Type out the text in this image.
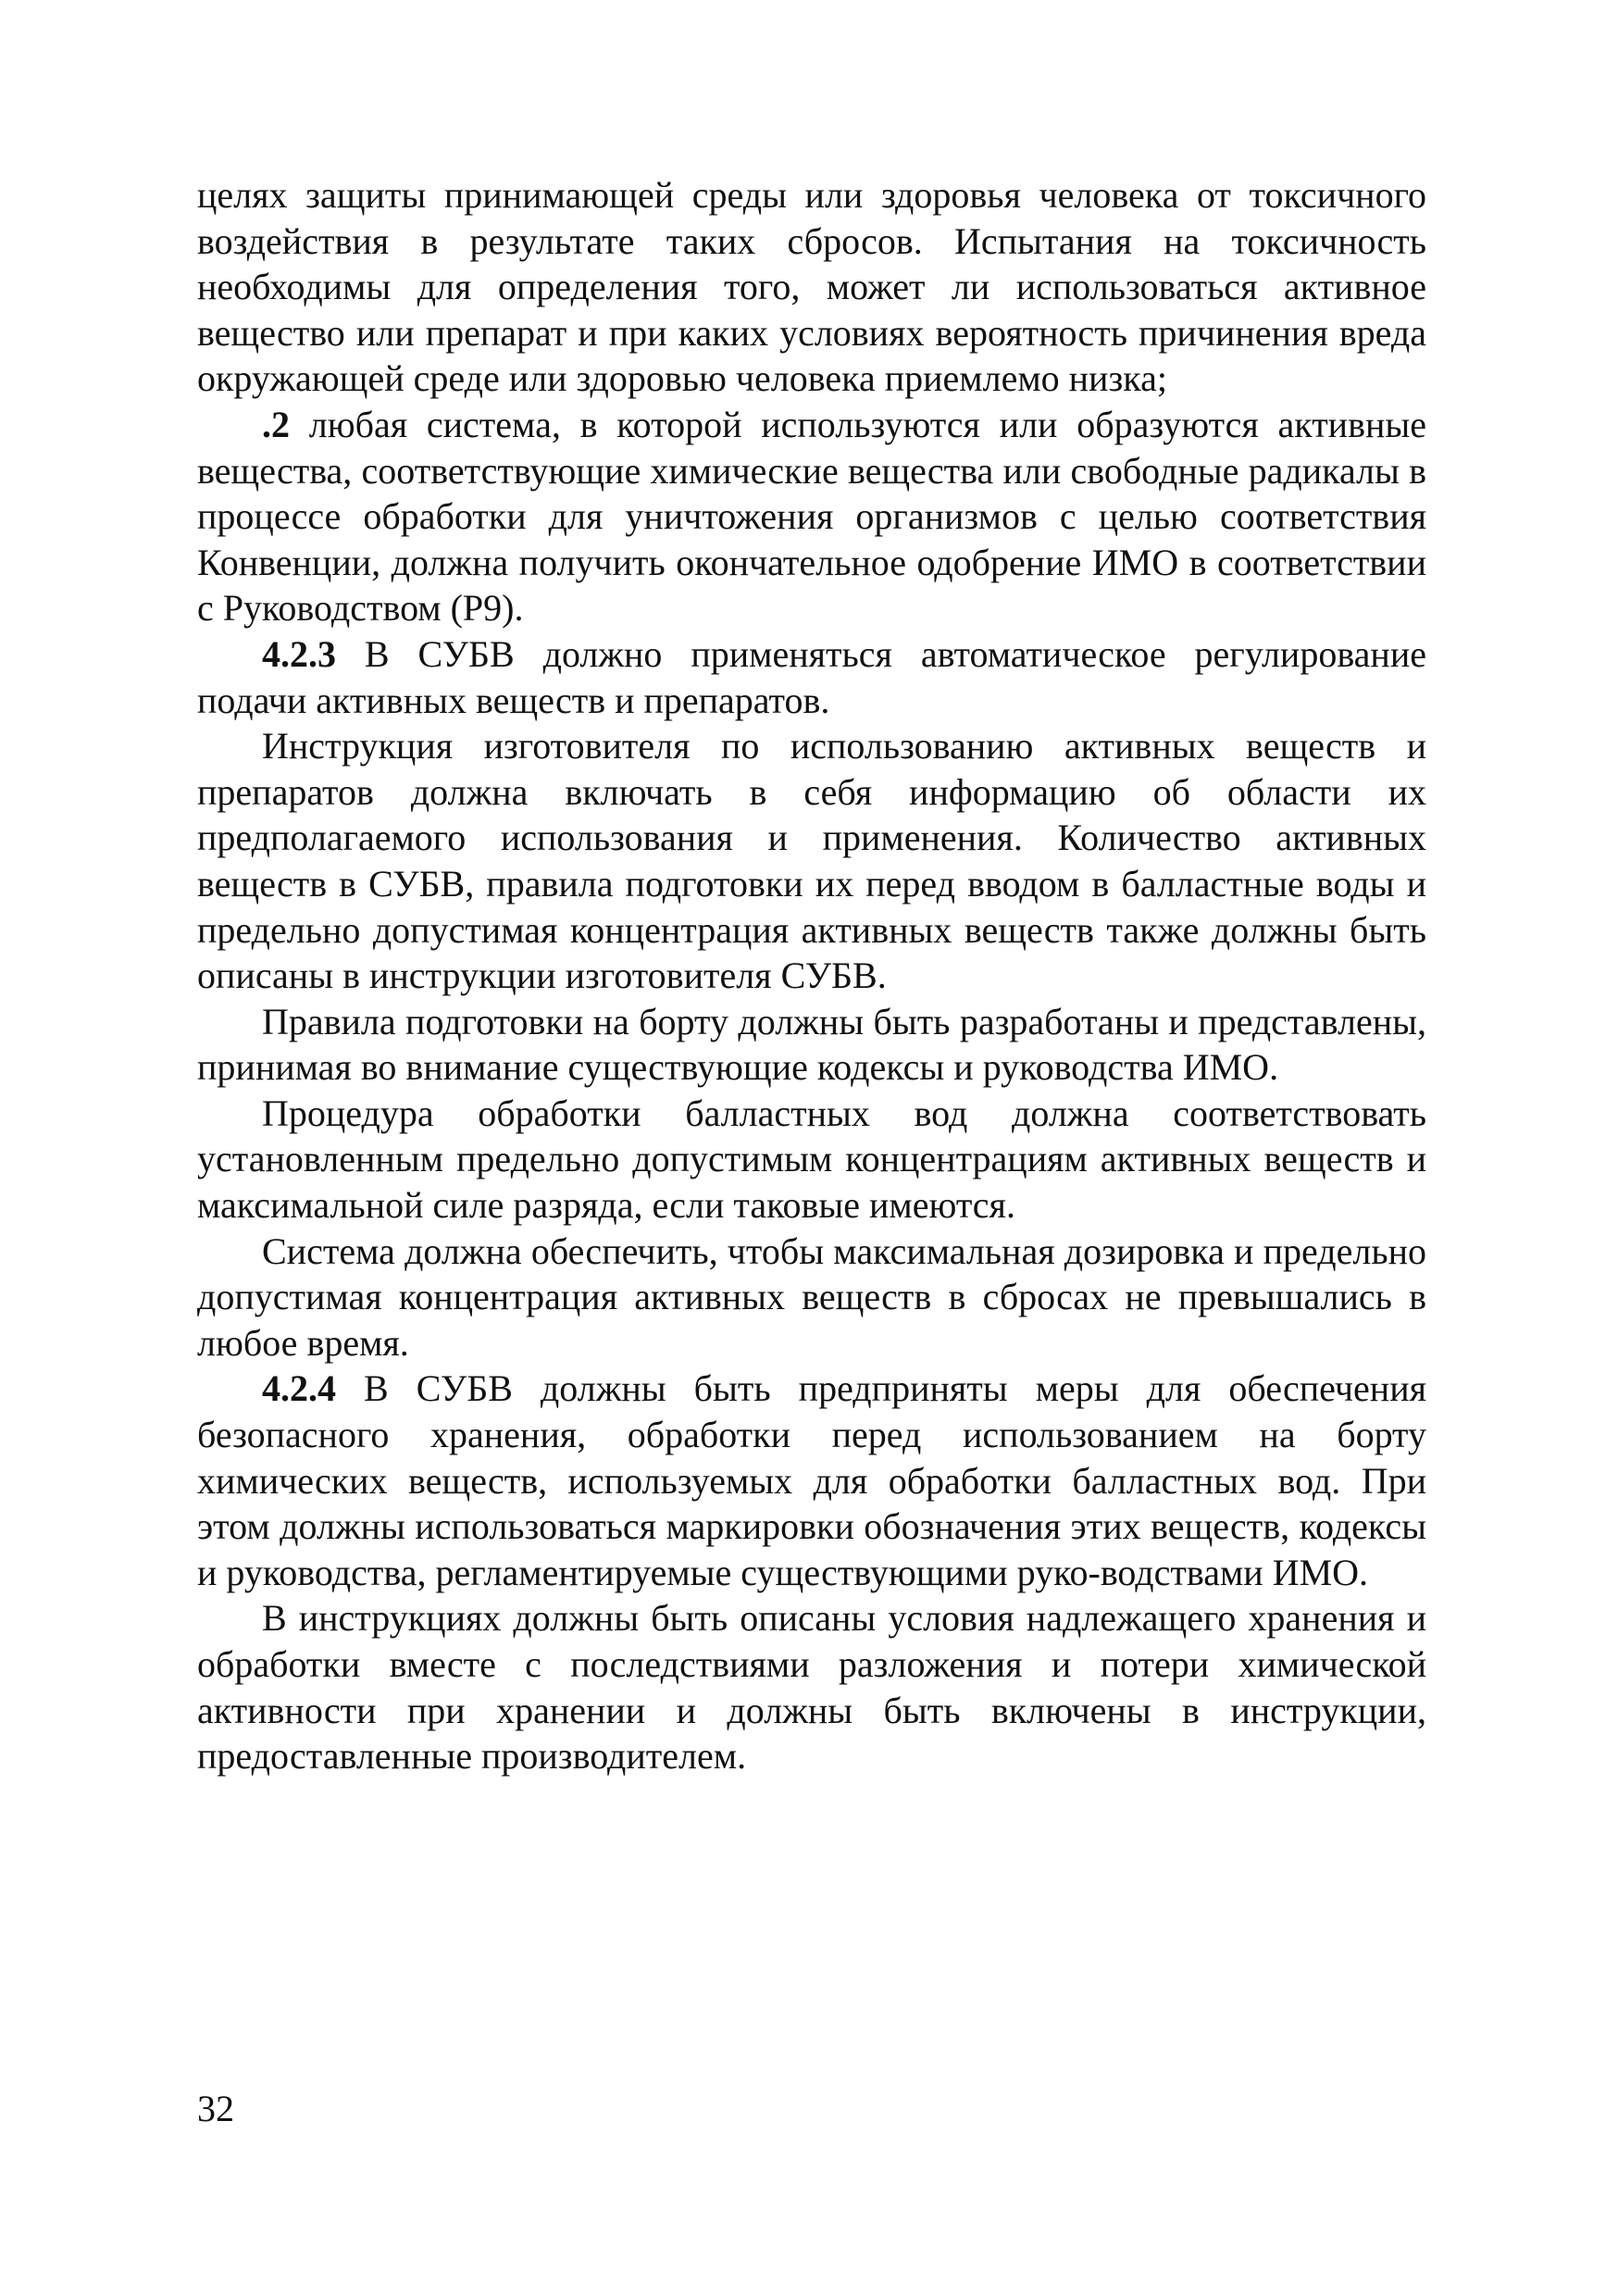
целях защиты принимающей среды или здоровья человека от токсичного воздействия в результате таких сбросов. Испытания на токсичность необходимы для определения того, может ли использоваться активное вещество или препарат и при каких условиях вероятность причинения вреда окружающей среде или здоровью человека приемлемо низка;

.2 любая система, в которой используются или образуются активные вещества, соответствующие химические вещества или свободные радикалы в процессе обработки для уничтожения организмов с целью соответствия Конвенции, должна получить окончательное одобрение ИМО в соответствии с Руководством (Р9).

4.2.3 В СУБВ должно применяться автоматическое регулирование подачи активных веществ и препаратов.

Инструкция изготовителя по использованию активных веществ и препаратов должна включать в себя информацию об области их предполагаемого использования и применения. Количество активных веществ в СУБВ, правила подготовки их перед вводом в балластные воды и предельно допустимая концентрация активных веществ также должны быть описаны в инструкции изготовителя СУБВ.

Правила подготовки на борту должны быть разработаны и представлены, принимая во внимание существующие кодексы и руководства ИМО.

Процедура обработки балластных вод должна соответствовать установленным предельно допустимым концентрациям активных веществ и максимальной силе разряда, если таковые имеются.

Система должна обеспечить, чтобы максимальная дозировка и предельно допустимая концентрация активных веществ в сбросах не превышались в любое время.

4.2.4 В СУБВ должны быть предприняты меры для обеспечения безопасного хранения, обработки перед использованием на борту химических веществ, используемых для обработки балластных вод. При этом должны использоваться маркировки обозначения этих веществ, кодексы и руководства, регламентируемые существующими руко-водствами ИМО.

В инструкциях должны быть описаны условия надлежащего хранения и обработки вместе с последствиями разложения и потери химической активности при хранении и должны быть включены в инструкции, предоставленные производителем.

32
